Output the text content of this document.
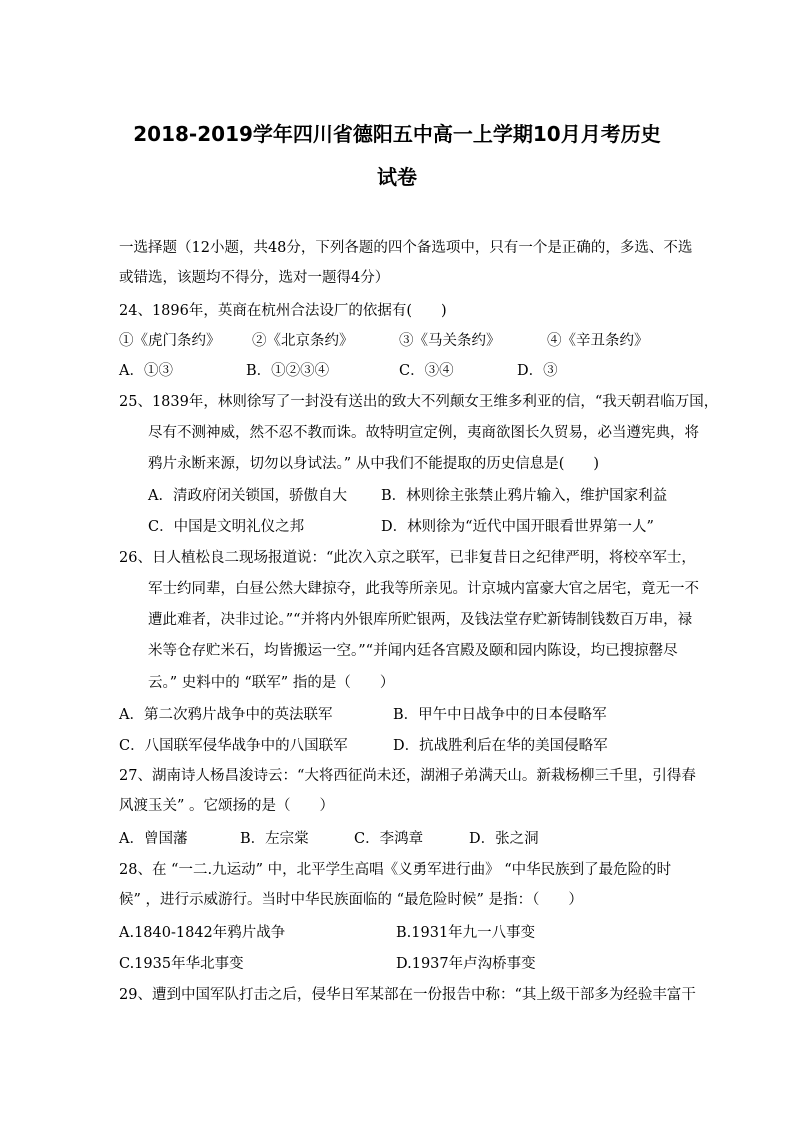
2018-2019学年四川省德阳五中高一上学期10月月考历史
试卷
一选择题（12小题，共48分，下列各题的四个备选项中，只有一个是正确的，多选、不选
或错选，该题均不得分，选对一题得4分）
24、1896年，英商在杭州合法设厂的依据有(　　)
①《虎门条约》 ②《北京条约》	③《马关条约》	④《辛丑条约》
A．①③	B．①②③④	C．③④	D．③
25、1839年，林则徐写了一封没有送出的致大不列颠女王维多利亚的信，“我天朝君临万国，
尽有不测神威，然不忍不教而诛。故特明宣定例，夷商欲图长久贸易，必当遵宪典，将
鸦片永断来源，切勿以身试法。” 从中我们不能提取的历史信息是(　　)
A．清政府闭关锁国，骄傲自大 B．林则徐主张禁止鸦片输入，维护国家利益
C．中国是文明礼仪之邦	D．林则徐为“近代中国开眼看世界第一人”
26、日人植松良二现场报道说：“此次入京之联军，已非复昔日之纪律严明，将校卒军士，
军士约同辈，白昼公然大肆掠夺，此我等所亲见。计京城内富豪大官之居宅，竟无一不
遭此难者，决非过论。”“并将内外银库所贮银两，及钱法堂存贮新铸制钱数百万串，禄
米等仓存贮米石，均皆搬运一空。”“并闻内廷各宫殿及颐和园内陈设，均已搜掠罄尽
云。” 史料中的 “联军” 指的是（　　）
A．第二次鸦片战争中的英法联军	B．甲午中日战争中的日本侵略军
C．八国联军侵华战争中的八国联军	D．抗战胜利后在华的美国侵略军
27、湖南诗人杨昌浚诗云：“大将西征尚未还，湖湘子弟满天山。新栽杨柳三千里，引得春
风渡玉关” 。它颂扬的是（　　）
A．曾国藩	B．左宗棠	C．李鸿章	D．张之洞
28、在 “一二.九运动” 中，北平学生高唱《义勇军进行曲》 “中华民族到了最危险的时
候” ，进行示威游行。当时中华民族面临的 “最危险时候” 是指：（　　）
A.1840-1842年鸦片战争	B.1931年九一八事变
C.1935年华北事变	D.1937年卢沟桥事变
29、遭到中国军队打击之后，侵华日军某部在一份报告中称：“其上级干部多为经验丰富干
